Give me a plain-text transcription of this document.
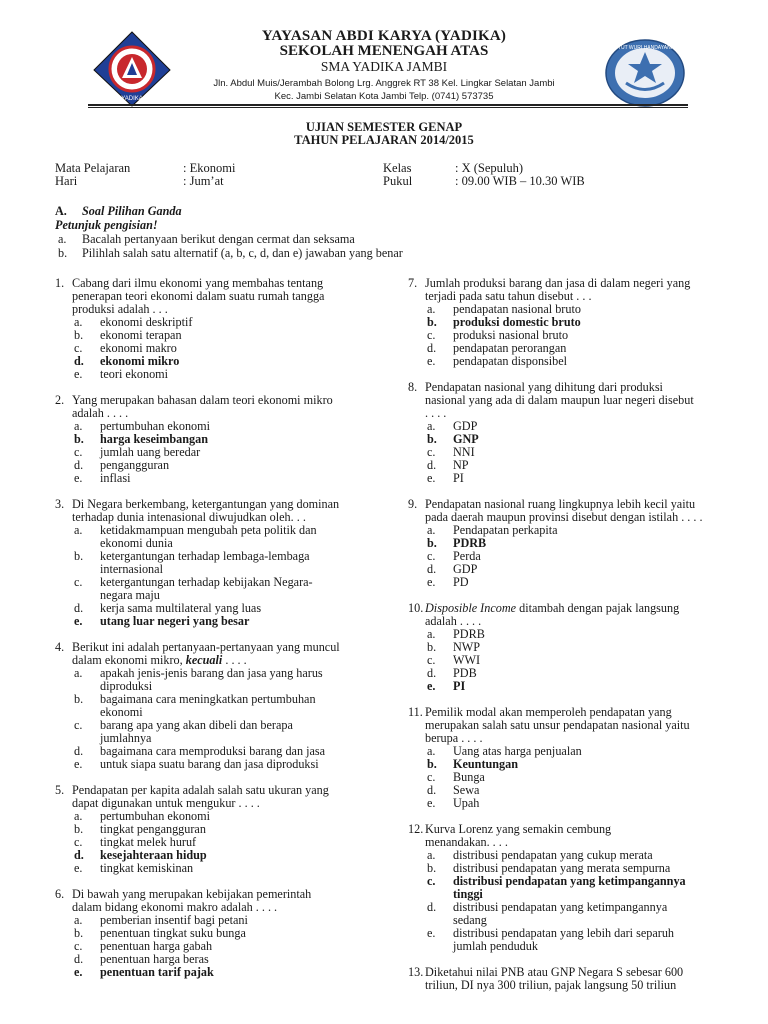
YADIKA
TUT WURI HANDAYANI
YAYASAN ABDI KARYA (YADIKA)
SEKOLAH MENENGAH ATAS
SMA YADIKA JAMBI
Jln. Abdul Muis/Jerambah Bolong Lrg. Anggrek RT 38 Kel. Lingkar Selatan Jambi
Kec. Jambi Selatan Kota Jambi Telp. (0741) 573735
UJIAN SEMESTER GENAP
TAHUN PELAJARAN 2014/2015
Mata Pelajaran
Hari
: Ekonomi
: Jum’at
Kelas
Pukul
: X (Sepuluh)
: 09.00 WIB – 10.30 WIB
A. Soal Pilihan Ganda
Petunjuk pengisian!
a. Bacalah pertanyaan berikut dengan cermat dan seksama
b. Pilihlah salah satu alternatif (a, b, c, d, dan e) jawaban yang benar
1. Cabang dari ilmu ekonomi yang membahas tentang
penerapan teori ekonomi dalam suatu rumah tangga
produksi adalah . . .
a. ekonomi deskriptif
b. ekonomi terapan
c. ekonomi makro
d. ekonomi mikro
e. teori ekonomi
2. Yang merupakan bahasan dalam teori ekonomi mikro
adalah . . . .
a. pertumbuhan ekonomi
b. harga keseimbangan
c. jumlah uang beredar
d. pengangguran
e. inflasi
3. Di Negara berkembang, ketergantungan yang dominan
terhadap dunia intenasional diwujudkan oleh. . .
a. ketidakmampuan mengubah peta politik dan
ekonomi dunia
b. ketergantungan terhadap lembaga-lembaga
internasional
c. ketergantungan terhadap kebijakan Negara-
negara maju
d. kerja sama multilateral yang luas
e. utang luar negeri yang besar
4. Berikut ini adalah pertanyaan-pertanyaan yang muncul
dalam ekonomi mikro, kecuali . . . .
a. apakah jenis-jenis barang dan jasa yang harus
diproduksi
b. bagaimana cara meningkatkan pertumbuhan
ekonomi
c. barang apa yang akan dibeli dan berapa
jumlahnya
d. bagaimana cara memproduksi barang dan jasa
e. untuk siapa suatu barang dan jasa diproduksi
5. Pendapatan per kapita adalah salah satu ukuran yang
dapat digunakan untuk mengukur . . . .
a. pertumbuhan ekonomi
b. tingkat pengangguran
c. tingkat melek huruf
d. kesejahteraan hidup
e. tingkat kemiskinan
6. Di bawah yang merupakan kebijakan pemerintah
dalam bidang ekonomi makro adalah . . . .
a. pemberian insentif bagi petani
b. penentuan tingkat suku bunga
c. penentuan harga gabah
d. penentuan harga beras
e. penentuan tarif pajak
7. Jumlah produksi barang dan jasa di dalam negeri yang
terjadi pada satu tahun disebut . . .
a. pendapatan nasional bruto
b. produksi domestic bruto
c. produksi nasional bruto
d. pendapatan perorangan
e. pendapatan disponsibel
8. Pendapatan nasional yang dihitung dari produksi
nasional yang ada di dalam maupun luar negeri disebut
. . . .
a. GDP
b. GNP
c. NNI
d. NP
e. PI
9. Pendapatan nasional ruang lingkupnya lebih kecil yaitu
pada daerah maupun provinsi disebut dengan istilah . . . .
a. Pendapatan perkapita
b. PDRB
c. Perda
d. GDP
e. PD
10. Disposible Income ditambah dengan pajak langsung
adalah . . . .
a. PDRB
b. NWP
c. WWI
d. PDB
e. PI
11. Pemilik modal akan memperoleh pendapatan yang
merupakan salah satu unsur pendapatan nasional yaitu
berupa . . . .
a. Uang atas harga penjualan
b. Keuntungan
c. Bunga
d. Sewa
e. Upah
12. Kurva Lorenz yang semakin cembung
menandakan. . . .
a. distribusi pendapatan yang cukup merata
b. distribusi pendapatan yang merata sempurna
c. distribusi pendapatan yang ketimpangannya
tinggi
d. distribusi pendapatan yang ketimpangannya
sedang
e. distribusi pendapatan yang lebih dari separuh
jumlah penduduk
13. Diketahui nilai PNB atau GNP Negara S sebesar 600
triliun, DI nya 300 triliun, pajak langsung 50 triliun
